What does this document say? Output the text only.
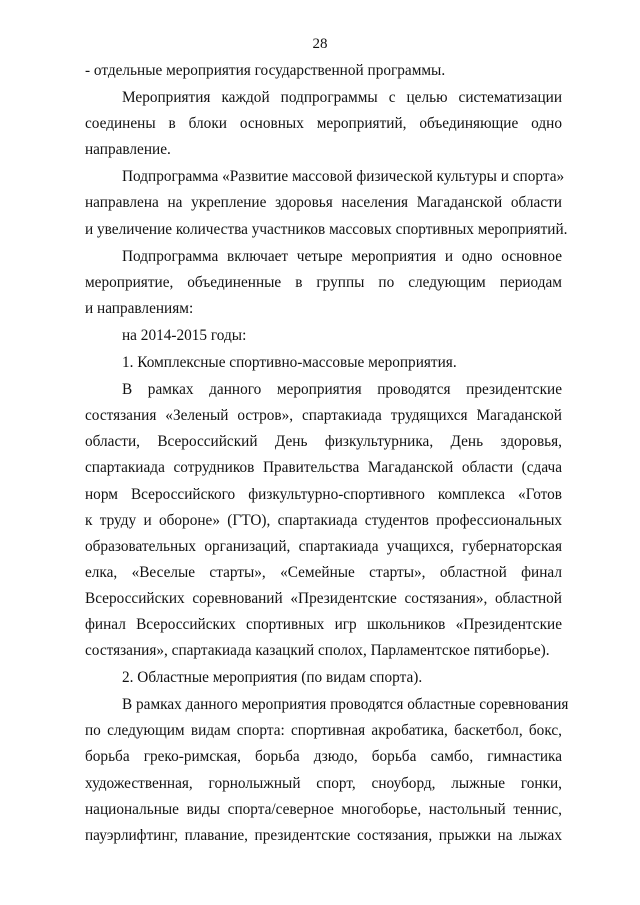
28
- отдельные мероприятия государственной программы.
Мероприятия каждой подпрограммы с целью систематизации
соединены в блоки основных мероприятий, объединяющие одно
направление.
Подпрограмма «Развитие массовой физической культуры и спорта»
направлена на укрепление здоровья населения Магаданской области
и увеличение количества участников массовых спортивных мероприятий.
Подпрограмма включает четыре мероприятия и одно основное
мероприятие, объединенные в группы по следующим периодам
и направлениям:
на 2014-2015 годы:
1. Комплексные спортивно-массовые мероприятия.
В рамках данного мероприятия проводятся президентские
состязания «Зеленый остров», спартакиада трудящихся Магаданской
области, Всероссийский День физкультурника, День здоровья,
спартакиада сотрудников Правительства Магаданской области (сдача
норм Всероссийского физкультурно-спортивного комплекса «Готов
к труду и обороне» (ГТО), спартакиада студентов профессиональных
образовательных организаций, спартакиада учащихся, губернаторская
елка, «Веселые старты», «Семейные старты», областной финал
Всероссийских соревнований «Президентские состязания», областной
финал Всероссийских спортивных игр школьников «Президентские
состязания», спартакиада казацкий сполох, Парламентское пятиборье).
2. Областные мероприятия (по видам спорта).
В рамках данного мероприятия проводятся областные соревнования
по следующим видам спорта: спортивная акробатика, баскетбол, бокс,
борьба греко-римская, борьба дзюдо, борьба самбо, гимнастика
художественная, горнолыжный спорт, сноуборд, лыжные гонки,
национальные виды спорта/северное многоборье, настольный теннис,
пауэрлифтинг, плавание, президентские состязания, прыжки на лыжах
